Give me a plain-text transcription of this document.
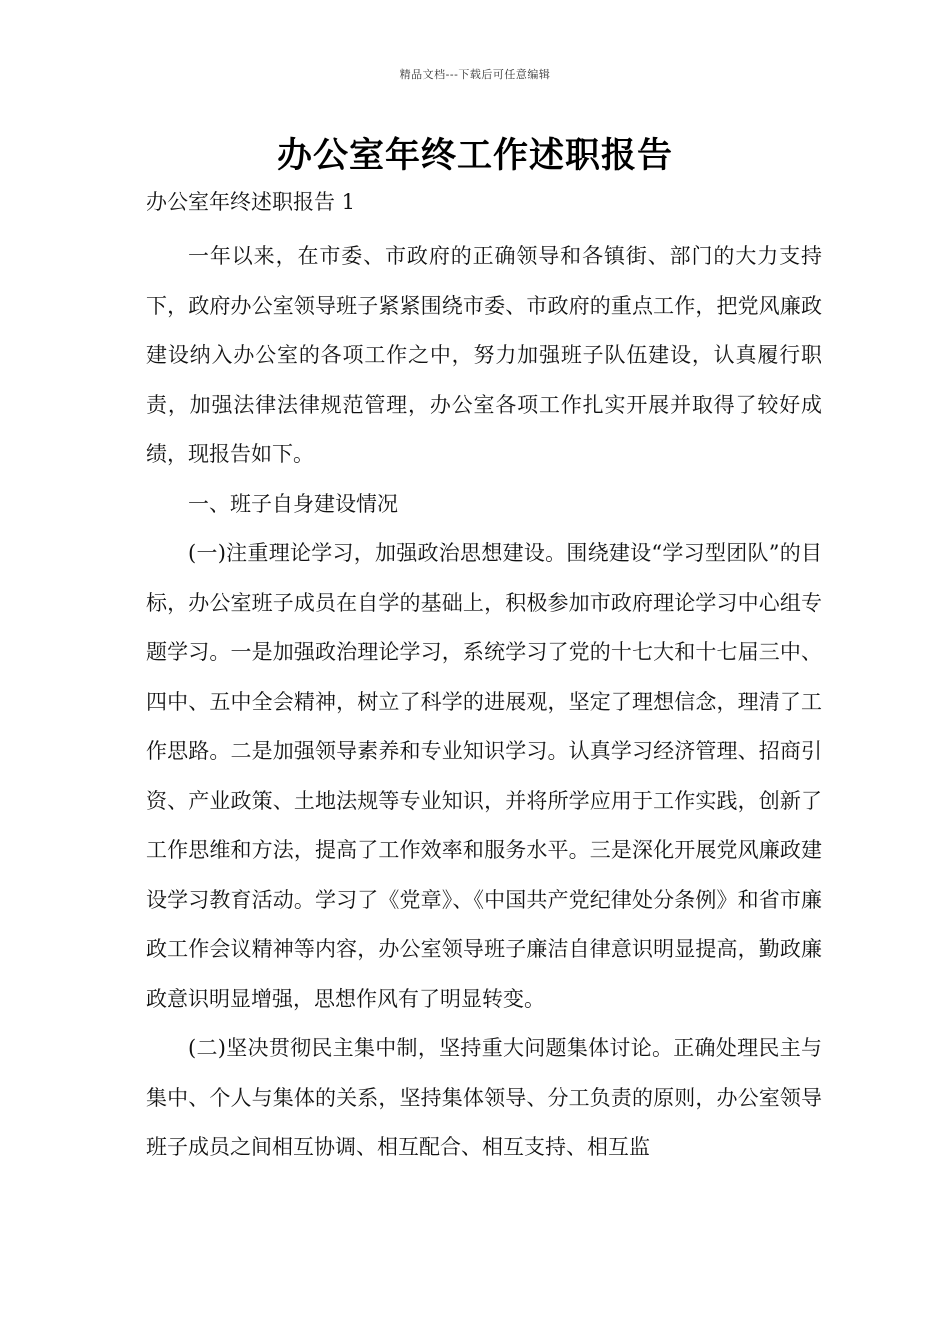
精品文档---下载后可任意编辑
办公室年终工作述职报告
办公室年终述职报告 1

一年以来，在市委、市政府的正确领导和各镇街、部门的大力支持下，政府办公室领导班子紧紧围绕市委、市政府的重点工作，把党风廉政建设纳入办公室的各项工作之中，努力加强班子队伍建设，认真履行职责，加强法律法律规范管理，办公室各项工作扎实开展并取得了较好成绩，现报告如下。

一、班子自身建设情况

(一)注重理论学习，加强政治思想建设。围绕建设“学习型团队”的目标，办公室班子成员在自学的基础上，积极参加市政府理论学习中心组专题学习。一是加强政治理论学习，系统学习了党的十七大和十七届三中、四中、五中全会精神，树立了科学的进展观，坚定了理想信念，理清了工作思路。二是加强领导素养和专业知识学习。认真学习经济管理、招商引资、产业政策、土地法规等专业知识，并将所学应用于工作实践，创新了工作思维和方法，提高了工作效率和服务水平。三是深化开展党风廉政建设学习教育活动。学习了《党章》、《中国共产党纪律处分条例》和省市廉政工作会议精神等内容，办公室领导班子廉洁自律意识明显提高，勤政廉政意识明显增强，思想作风有了明显转变。

(二)坚决贯彻民主集中制，坚持重大问题集体讨论。正确处理民主与集中、个人与集体的关系，坚持集体领导、分工负责的原则，办公室领导班子成员之间相互协调、相互配合、相互支持、相互监
